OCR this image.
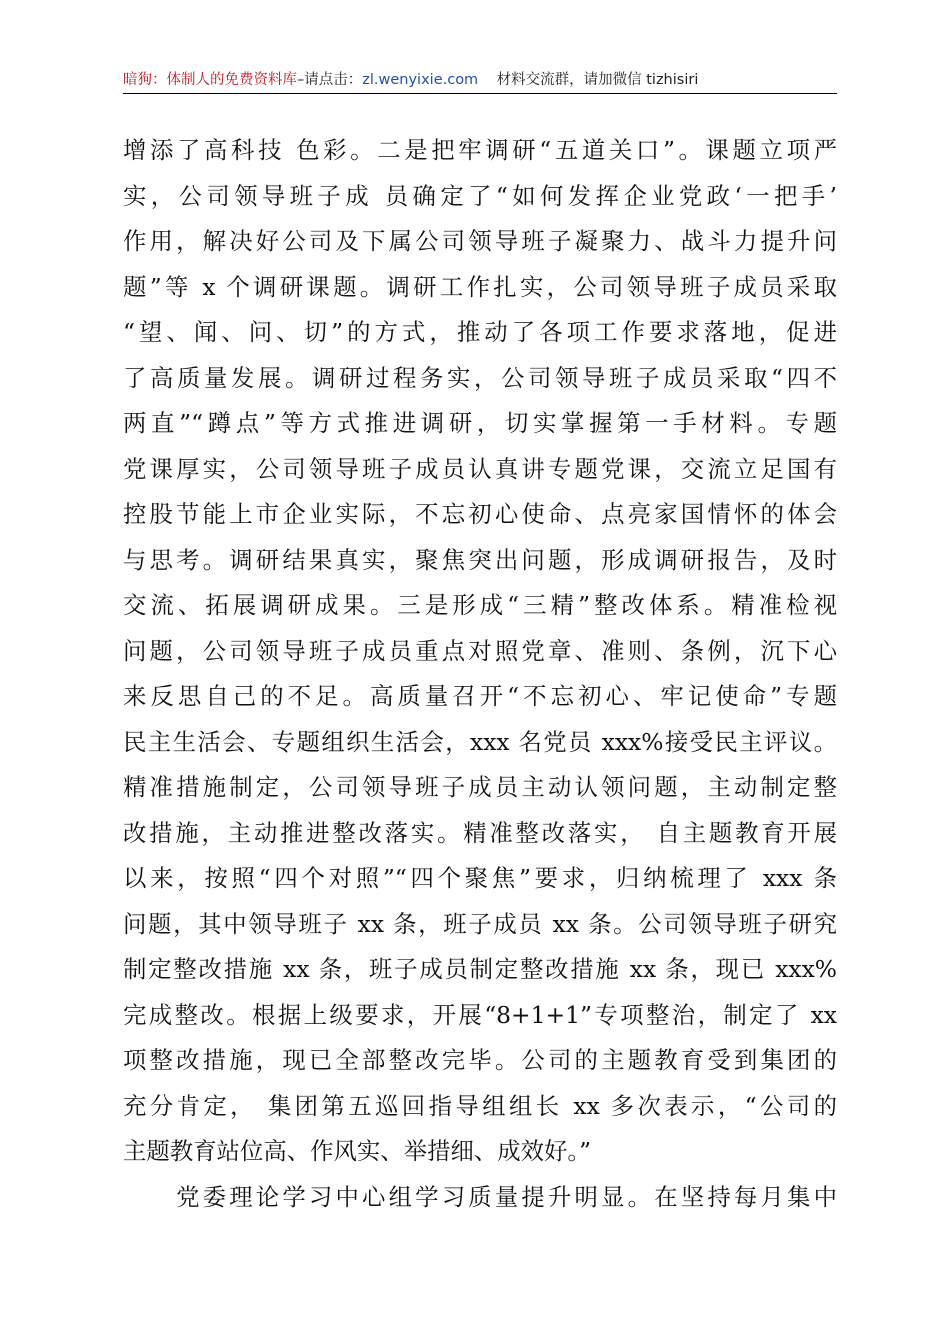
暗狗：体制人的免费资料库–请点击：zl.wenyixie.com 材料交流群，请加微信 tizhisiri
增添了高科技 色彩。二是把牢调研“五道关口”。课题立项严
实，公司领导班子成 员确定了“如何发挥企业党政‘一把手’
作用，解决好公司及下属公司领导班子凝聚力、战斗力提升问
题”等 x 个调研课题。调研工作扎实，公司领导班子成员采取
“望、闻、问、切”的方式，推动了各项工作要求落地，促进
了高质量发展。调研过程务实，公司领导班子成员采取“四不
两直”“蹲点”等方式推进调研，切实掌握第一手材料。专题
党课厚实，公司领导班子成员认真讲专题党课，交流立足国有
控股节能上市企业实际，不忘初心使命、点亮家国情怀的体会
与思考。调研结果真实，聚焦突出问题，形成调研报告，及时
交流、拓展调研成果。三是形成“三精”整改体系。精准检视
问题，公司领导班子成员重点对照党章、准则、条例，沉下心
来反思自己的不足。高质量召开“不忘初心、牢记使命”专题
民主生活会、专题组织生活会，xxx 名党员 xxx%接受民主评议。
精准措施制定，公司领导班子成员主动认领问题，主动制定整
改措施，主动推进整改落实。精准整改落实， 自主题教育开展
以来，按照“四个对照”“四个聚焦”要求，归纳梳理了 xxx 条
问题，其中领导班子 xx 条，班子成员 xx 条。公司领导班子研究
制定整改措施 xx 条，班子成员制定整改措施 xx 条，现已 xxx%
完成整改。根据上级要求，开展“8+1+1”专项整治，制定了 xx
项整改措施，现已全部整改完毕。公司的主题教育受到集团的
充分肯定， 集团第五巡回指导组组长 xx 多次表示，“公司的
主题教育站位高、作风实、举措细、成效好。”
　　党委理论学习中心组学习质量提升明显。在坚持每月集中
